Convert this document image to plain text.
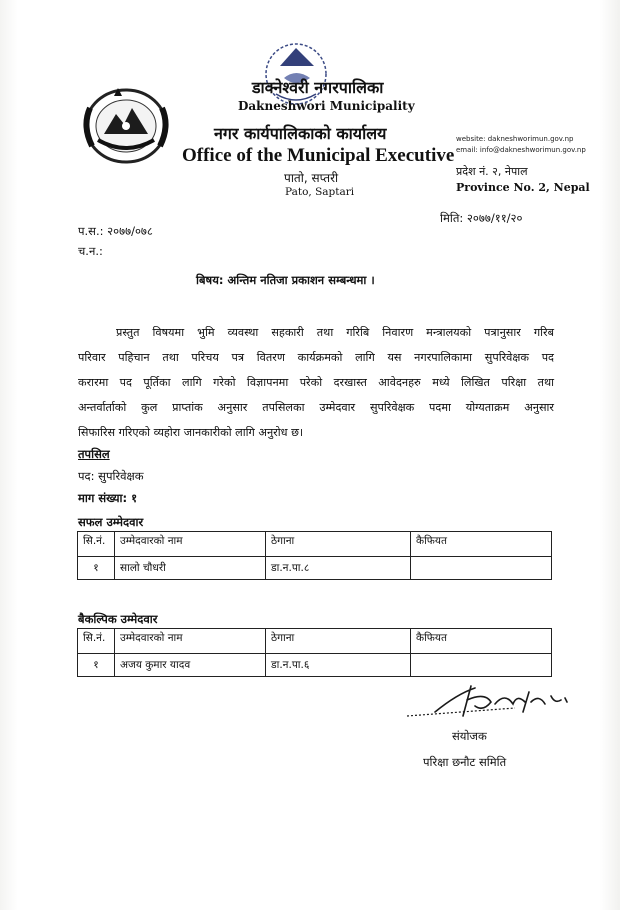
डाक्नेश्वरी नगरपालिका
Dakneshwori Municipality
नगर कार्यपालिकाको कार्यालय
Office of the Municipal Executive
पातो, सप्तरी
Pato, Saptari
website: dakneshworimun.gov.np
email: info@dakneshworimun.gov.np
प्रदेश नं. २, नेपाल
Province No. 2, Nepal
प.स.: २०७७/०७८
च.न.:
मिति: २०७७/११/२०
बिषय: अन्तिम नतिजा प्रकाशन सम्बन्धमा ।
प्रस्तुत विषयमा भुमि व्यवस्था सहकारी तथा गरिबि निवारण मन्त्रालयको पत्रानुसार गरिब
परिवार पहिचान तथा परिचय पत्र वितरण कार्यक्रमको लागि यस नगरपालिकामा सुपरिवेक्षक पद
करारमा पद पूर्तिका लागि गरेको विज्ञापनमा परेको दरखास्त आवेदनहरु मध्ये लिखित परिक्षा तथा
अन्तर्वार्ताको कुल प्राप्तांक अनुसार तपसिलका उम्मेदवार सुपरिवेक्षक पदमा योग्यताक्रम अनुसार
सिफारिस गरिएको व्यहोरा जानकारीको लागि अनुरोध छ।
तपसिल
पद: सुपरिवेक्षक
माग संख्या: १
सफल उम्मेदवार
सि.नं.	उम्मेदवारको नाम	ठेगाना	कैफियत
१	सालो चौधरी	डा.न.पा.८	
बैकल्पिक उम्मेदवार
सि.नं.	उम्मेदवारको नाम	ठेगाना	कैफियत
१	अजय कुमार यादव	डा.न.पा.६	
संयोजक
परिक्षा छनौट समिति
